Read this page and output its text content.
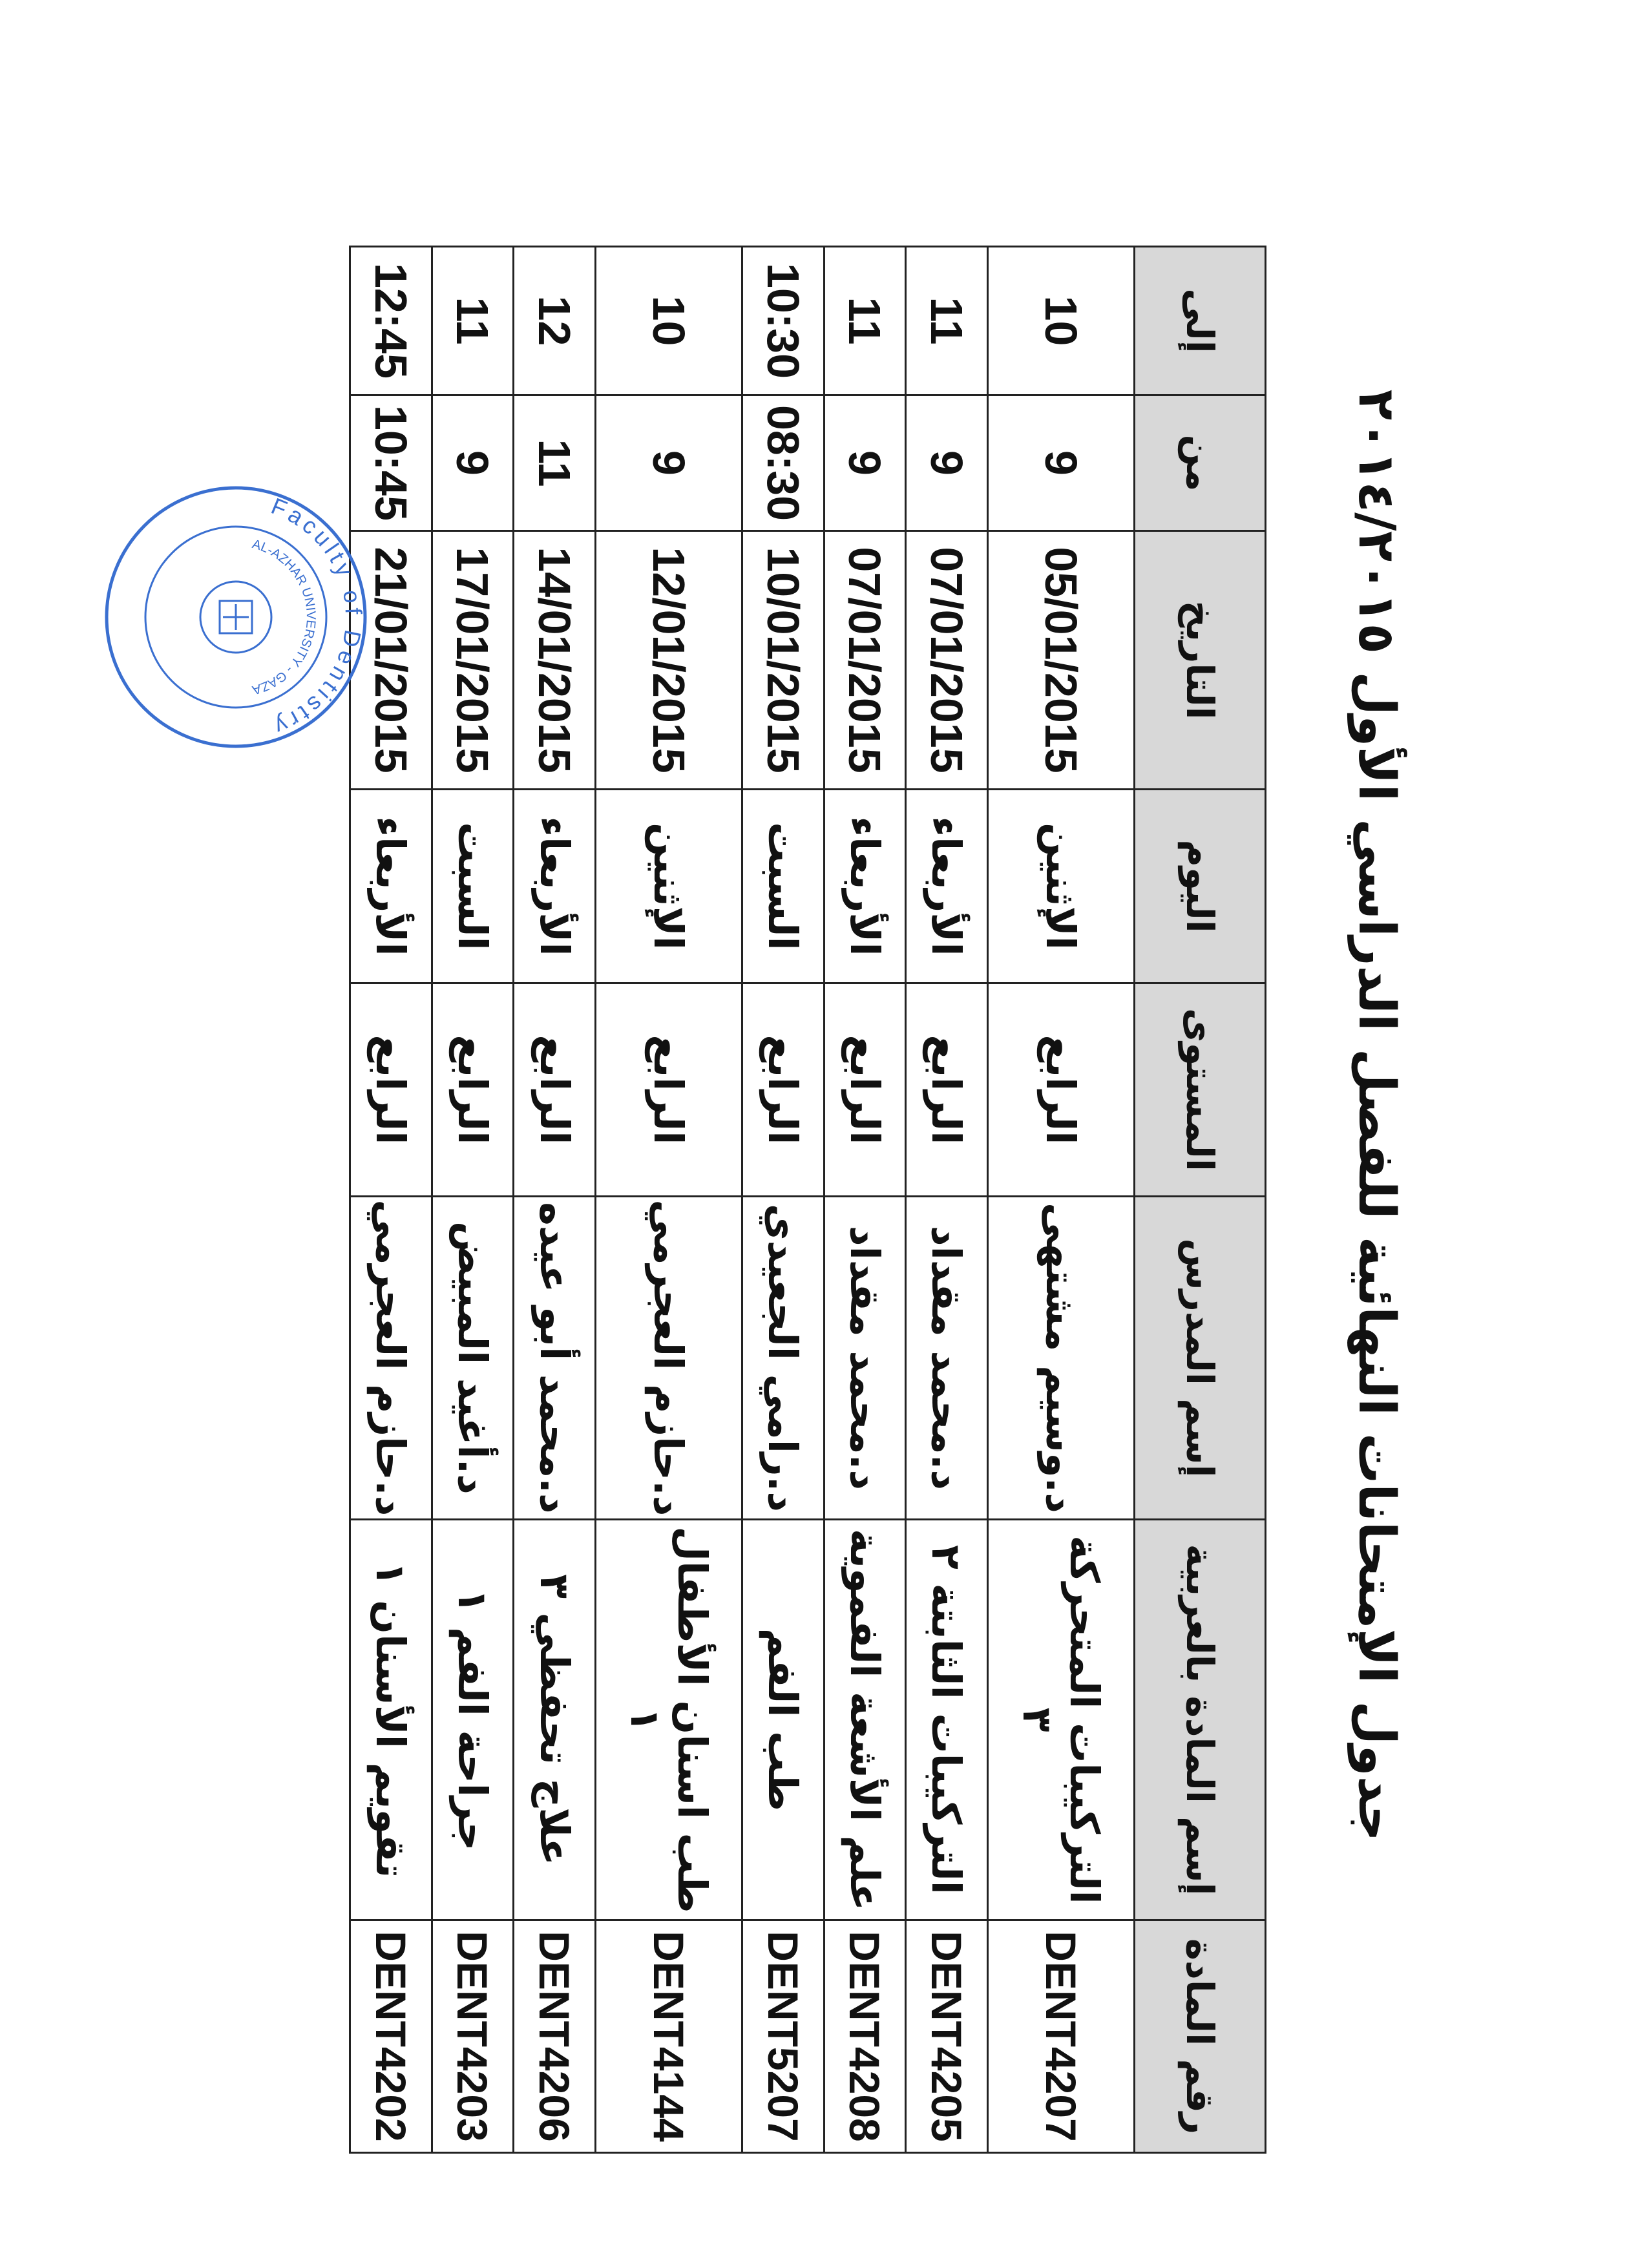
جدول الإمتحانات النهائية للفصل الدراسي الأول ٢٠١٤/٢٠١٥
رقم المادة	إسم المادة بالعربية	إسم المدرس	المستوى	اليوم	التاريخ	من	إلى
DENT4207	التركيبات المتحركة ٣	د.وسيم مشتهى	الرابع	الإثنين	05/01/2015	9	10
DENT4205	التركيبات الثابتة ٢	د.محمد مقداد	الرابع	الأربعاء	07/01/2015	9	11
DENT4208	علم الأشعة الفموية	د.محمد مقداد	الرابع	الأربعاء	07/01/2015	9	11
DENT5207	طب الفم	د.رامي الجعيدي	الرابع	السبت	10/01/2015	08:30	10:30
DENT4144	طب اسنان الأطفال ١	د.حازم العجرمي	الرابع	الإثنين	12/01/2015	9	10
DENT4206	علاج تحفظي ٣	د.محمد أبو عيده	الرابع	الأربعاء	14/01/2015	11	12
DENT4203	جراحة الفم ١	د.أغيد المبيض	الرابع	السبت	17/01/2015	9	11
DENT4202	تقويم الأسنان ١	د.حازم العجرمي	الرابع	الأربعاء	21/01/2015	10:45	12:45
Faculty of Dentistry
AL-AZHAR UNIVERSITY - GAZA
